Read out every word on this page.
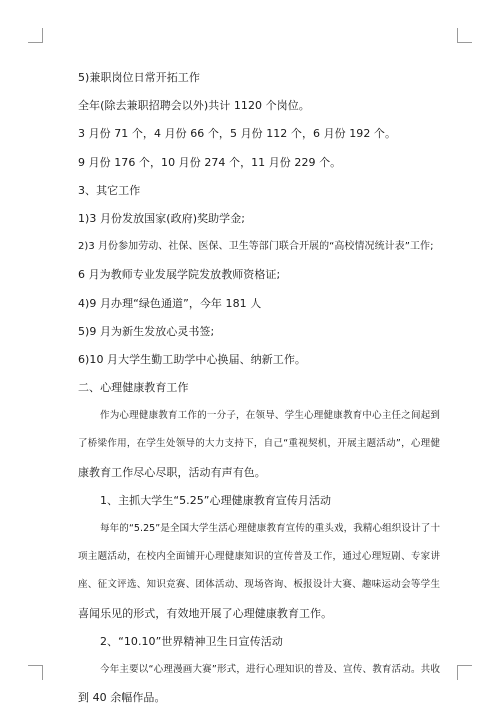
5)兼职岗位日常开拓工作
全年(除去兼职招聘会以外)共计 1120 个岗位。
3 月份 71 个，4 月份 66 个，5 月份 112 个，6 月份 192 个。
9 月份 176 个，10 月份 274 个，11 月份 229 个。
3、其它工作
1)3 月份发放国家(政府)奖助学金;
2)3 月份参加劳动、社保、医保、卫生等部门联合开展的“高校情况统计表”工作;
6 月为教师专业发展学院发放教师资格证;
4)9 月办理“绿色通道”，今年 181 人
5)9 月为新生发放心灵书签;
6)10 月大学生勤工助学中心换届、纳新工作。
二、心理健康教育工作
作为心理健康教育工作的一分子，在领导、学生心理健康教育中心主任之间起到
了桥梁作用，在学生处领导的大力支持下，自己“重视契机，开展主题活动”，心理健
康教育工作尽心尽职，活动有声有色。
1、主抓大学生“5.25”心理健康教育宣传月活动
每年的“5.25”是全国大学生活心理健康教育宣传的重头戏，我精心组织设计了十
项主题活动，在校内全面铺开心理健康知识的宣传普及工作，通过心理短剧、专家讲
座、征文评选、知识竞赛、团体活动、现场咨询、板报设计大赛、趣味运动会等学生
喜闻乐见的形式，有效地开展了心理健康教育工作。
2、“10.10”世界精神卫生日宣传活动
今年主要以“心理漫画大赛”形式，进行心理知识的普及、宣传、教育活动。共收
到 40 余幅作品。
